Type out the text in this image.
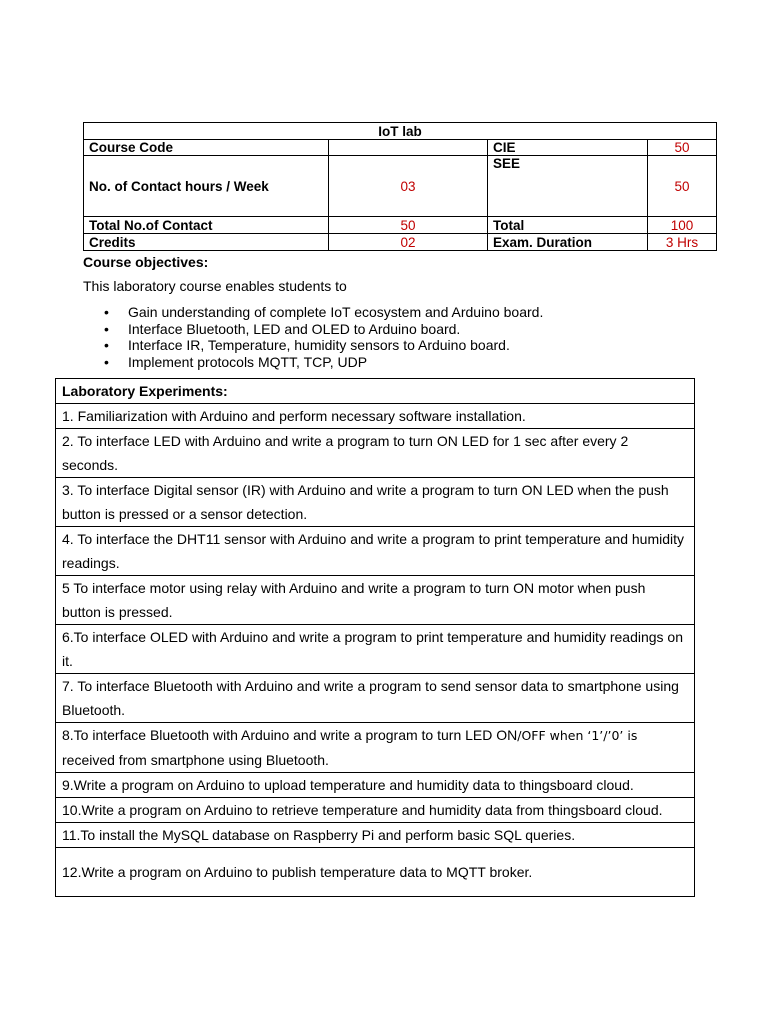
IoT lab			
Course Code		CIE	50
No. of Contact hours / Week	03	SEE	50
Total No.of Contact	50	Total	100
Credits	02	Exam. Duration	3 Hrs
Course objectives:
This laboratory course enables students to
• Gain understanding of complete IoT ecosystem and Arduino board.
• Interface Bluetooth, LED and OLED to Arduino board.
• Interface IR, Temperature, humidity sensors to Arduino board.
• Implement protocols MQTT, TCP, UDP
Laboratory Experiments:
1. Familiarization with Arduino and perform necessary software installation.
2. To interface LED with Arduino and write a program to turn ON LED for 1 sec after every 2 seconds.
3. To interface Digital sensor (IR) with Arduino and write a program to turn ON LED when the push button is pressed or a sensor detection.
4. To interface the DHT11 sensor with Arduino and write a program to print temperature and humidity readings.
5 To interface motor using relay with Arduino and write a program to turn ON motor when push button is pressed.
6.To interface OLED with Arduino and write a program to print temperature and humidity readings on it.
7. To interface Bluetooth with Arduino and write a program to send sensor data to smartphone using Bluetooth.
8.To interface Bluetooth with Arduino and write a program to turn LED ON/OFF when ‘1’/’0’ is
received from smartphone using Bluetooth.
9.Write a program on Arduino to upload temperature and humidity data to thingsboard cloud.
10.Write a program on Arduino to retrieve temperature and humidity data from thingsboard cloud.
11.To install the MySQL database on Raspberry Pi and perform basic SQL queries.
12.Write a program on Arduino to publish temperature data to MQTT broker.
